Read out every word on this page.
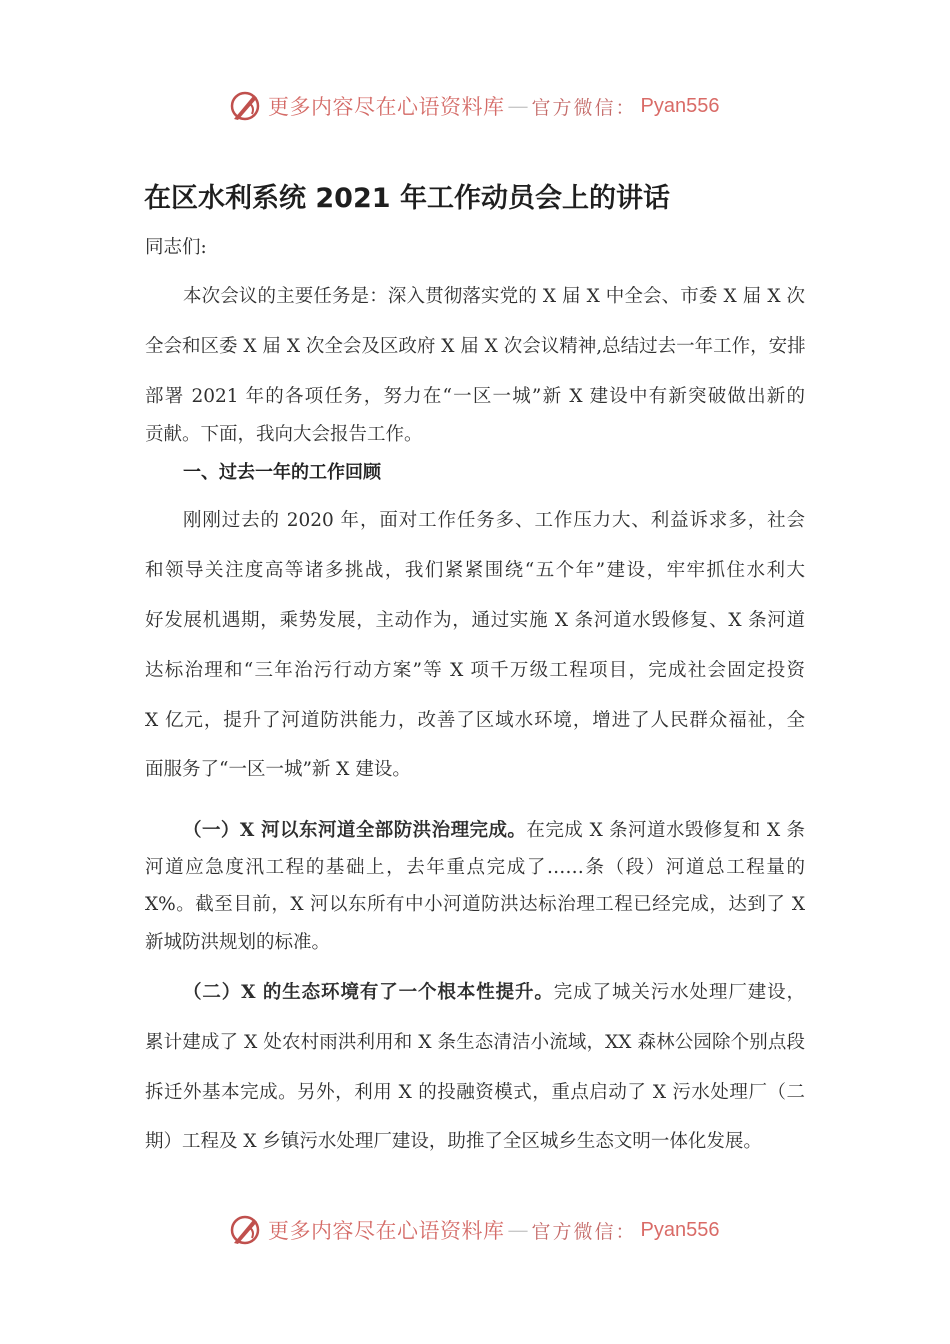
更多内容尽在心语资料库 — 官方微信： Pyan556
在区水利系统 2021 年工作动员会上的讲话
同志们:
本次会议的主要任务是：深入贯彻落实党的 X 届 X 中全会、市委 X 届 X 次
全会和区委 X 届 X 次全会及区政府 X 届 X 次会议精神,总结过去一年工作，安排
部署 2021 年的各项任务，努力在“一区一城”新 X 建设中有新突破做出新的
贡献。下面，我向大会报告工作。
一、过去一年的工作回顾
刚刚过去的 2020 年，面对工作任务多、工作压力大、利益诉求多，社会
和领导关注度高等诸多挑战，我们紧紧围绕“五个年”建设，牢牢抓住水利大
好发展机遇期，乘势发展，主动作为，通过实施 X 条河道水毁修复、X 条河道
达标治理和“三年治污行动方案”等 X 项千万级工程项目，完成社会固定投资
X 亿元，提升了河道防洪能力，改善了区域水环境，增进了人民群众福祉，全
面服务了“一区一城”新 X 建设。
（一）X 河以东河道全部防洪治理完成。在完成 X 条河道水毁修复和 X 条
河道应急度汛工程的基础上，去年重点完成了……条（段）河道总工程量的
X%。截至目前，X 河以东所有中小河道防洪达标治理工程已经完成，达到了 X
新城防洪规划的标准。
（二）X 的生态环境有了一个根本性提升。完成了城关污水处理厂建设，
累计建成了 X 处农村雨洪利用和 X 条生态清洁小流域，XX 森林公园除个别点段
拆迁外基本完成。另外，利用 X 的投融资模式，重点启动了 X 污水处理厂（二
期）工程及 X 乡镇污水处理厂建设，助推了全区城乡生态文明一体化发展。
更多内容尽在心语资料库 — 官方微信： Pyan556
